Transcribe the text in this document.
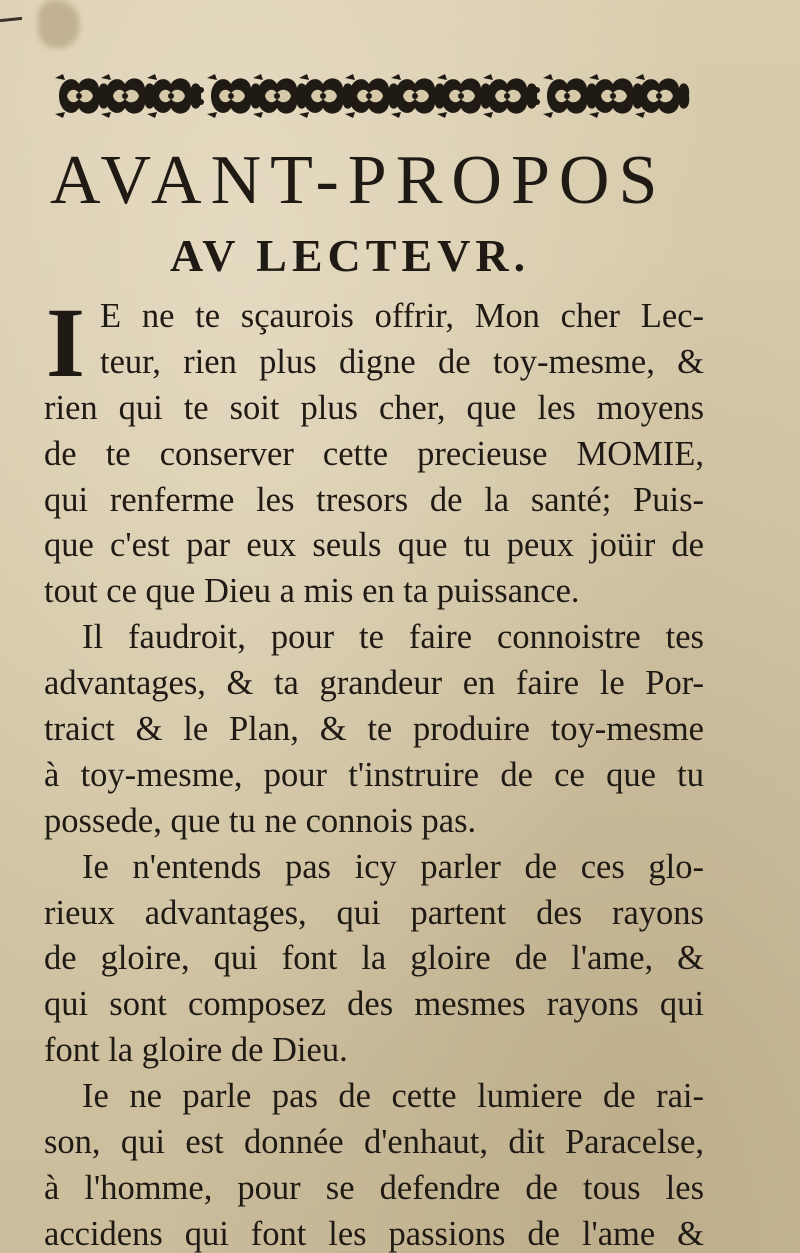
AVANT-PROPOS
AV LECTEVR.
I E ne te sçaurois offrir, Mon cher Lec-
teur, rien plus digne de toy-mesme, &
rien qui te soit plus cher, que les moyens
de te conserver cette precieuse MOMIE,
qui renferme les tresors de la santé; Puis-
que c'est par eux seuls que tu peux joüir de
tout ce que Dieu a mis en ta puissance.
Il faudroit, pour te faire connoistre tes
advantages, & ta grandeur en faire le Por-
traict & le Plan, & te produire toy-mesme
à toy-mesme, pour t'instruire de ce que tu
possede, que tu ne connois pas.
Ie n'entends pas icy parler de ces glo-
rieux advantages, qui partent des rayons
de gloire, qui font la gloire de l'ame, &
qui sont composez des mesmes rayons qui
font la gloire de Dieu.
Ie ne parle pas de cette lumiere de rai-
son, qui est donnée d'enhaut, dit Paracelse,
à l'homme, pour se defendre de tous les
accidens qui font les passions de l'ame &
